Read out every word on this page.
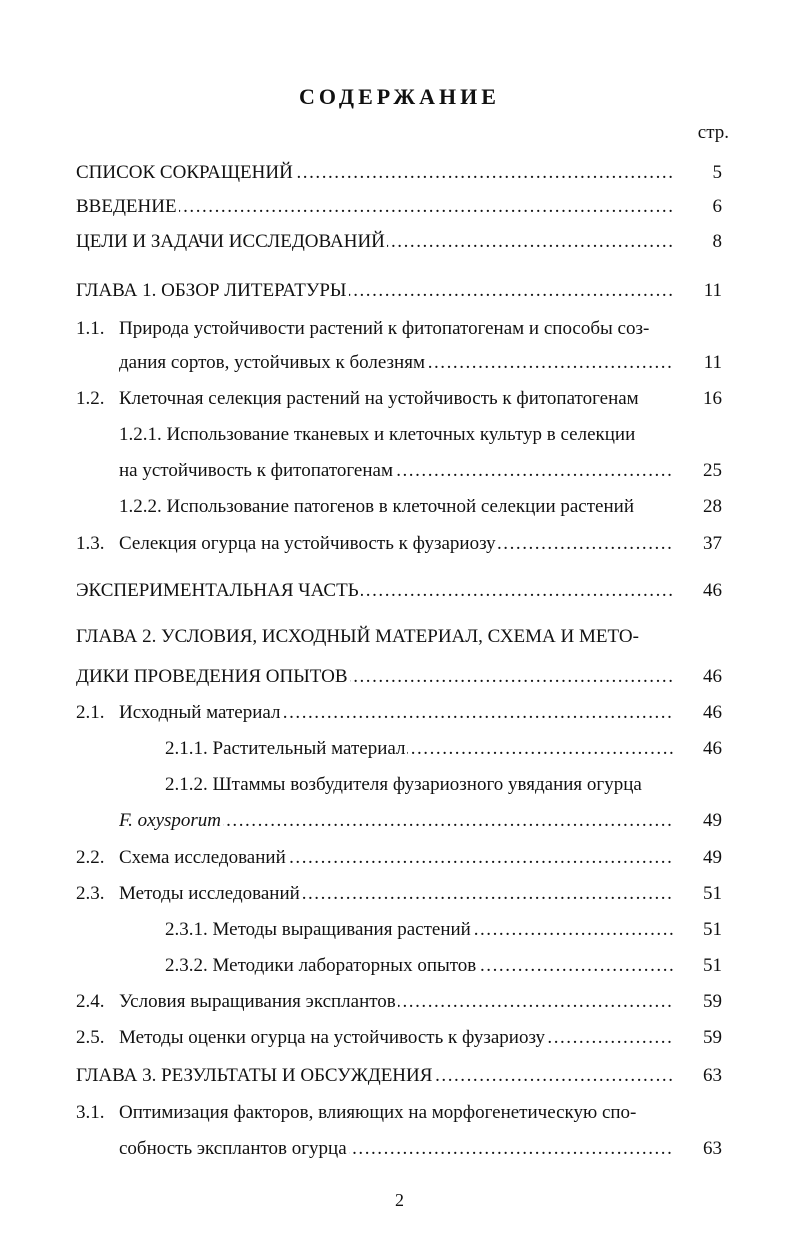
СОДЕРЖАНИЕ
стр.
СПИСОК СОКРАЩЕНИЙ . . .	5
ВВЕДЕНИЕ . . .	6
ЦЕЛИ И ЗАДАЧИ ИССЛЕДОВАНИЙ . . .	8
ГЛАВА 1. ОБЗОР ЛИТЕРАТУРЫ . . .	11
1.1. Природа устойчивости растений к фитопатогенам и способы соз-
дания сортов, устойчивых к болезням . . .	11
1.2. Клеточная селекция растений на устойчивость к фитопатогенам	16
1.2.1. Использование тканевых и клеточных культур в селекции
на устойчивость к фитопатогенам . . .	25
1.2.2. Использование патогенов в клеточной селекции растений	28
1.3. Селекция огурца на устойчивость к фузариозу . . .	37
ЭКСПЕРИМЕНТАЛЬНАЯ ЧАСТЬ . . .	46
ГЛАВА 2. УСЛОВИЯ, ИСХОДНЫЙ МАТЕРИАЛ, СХЕМА И МЕТО-
ДИКИ ПРОВЕДЕНИЯ ОПЫТОВ . . .	46
2.1. Исходный материал . . .	46
2.1.1. Растительный материал . . .	46
2.1.2. Штаммы возбудителя фузариозного увядания огурца
F. oxysporum . . .	49
2.2. Схема исследований . . .	49
2.3. Методы исследований . . .	51
2.3.1. Методы выращивания растений . . .	51
2.3.2. Методики лабораторных опытов . . .	51
2.4. Условия выращивания эксплантов . . .	59
2.5. Методы оценки огурца на устойчивость к фузариозу . . .	59
ГЛАВА 3. РЕЗУЛЬТАТЫ И ОБСУЖДЕНИЯ . . .	63
3.1. Оптимизация факторов, влияющих на морфогенетическую спо-
собность эксплантов огурца . . .	63
2
